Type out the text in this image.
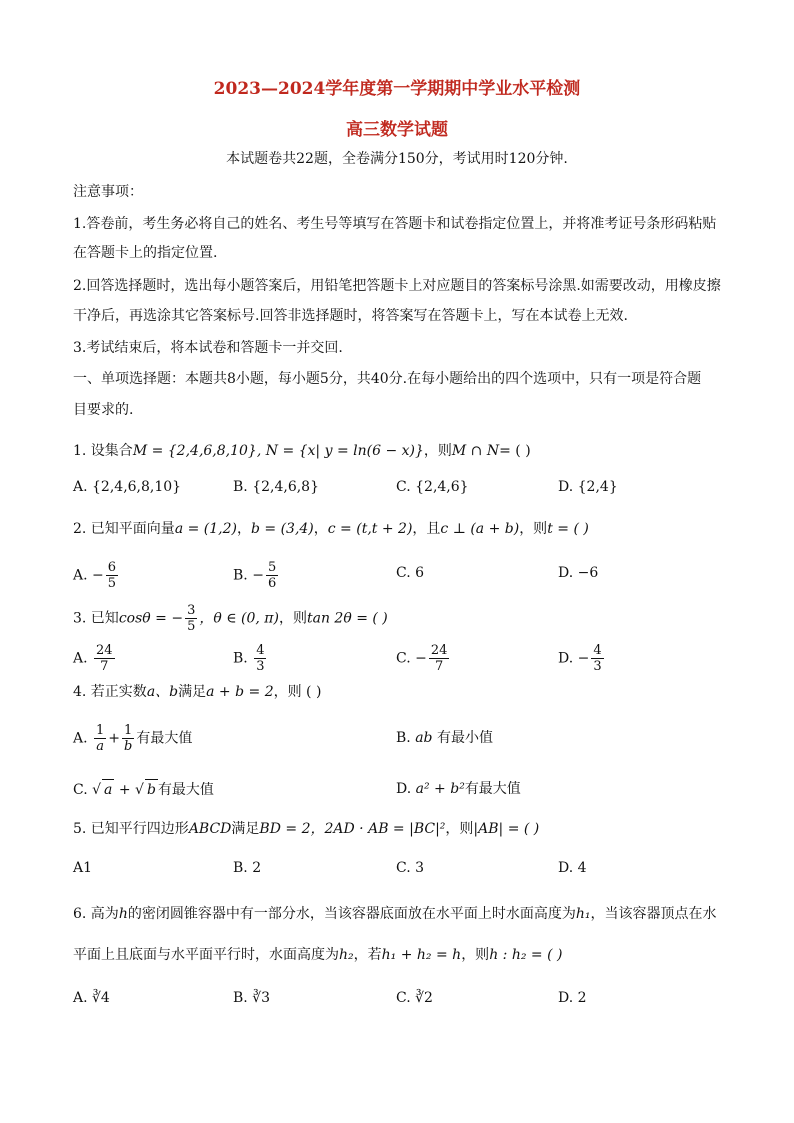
2023—2024学年度第一学期期中学业水平检测
高三数学试题
本试题卷共22题，全卷满分150分，考试用时120分钟.
注意事项：
1.答卷前，考生务必将自己的姓名、考生号等填写在答题卡和试卷指定位置上，并将准考证号条形码粘贴
在答题卡上的指定位置.
2.回答选择题时，选出每小题答案后，用铅笔把答题卡上对应题目的答案标号涂黑.如需要改动，用橡皮擦
干净后，再选涂其它答案标号.回答非选择题时，将答案写在答题卡上，写在本试卷上无效.
3.考试结束后，将本试卷和答题卡一并交回.
一、单项选择题：本题共8小题，每小题5分，共40分.在每小题给出的四个选项中，只有一项是符合题
目要求的.
1. 设集合M = {2,4,6,8,10}, N = {x| y = ln(6 − x)}，则M ∩ N= ( )
A. {2,4,6,8,10}	B. {2,4,6,8}	C. {2,4,6}	D. {2,4}
2. 已知平面向量a = (1,2)，b = (3,4)，c = (t,t + 2)，且c ⊥ (a + b)，则t = ( )
A. − $\frac{6}{5}$	B. − $\frac{5}{6}$	C. 6	D. −6
3. 已知cosθ = − $\frac{3}{5}$ ，θ ∈ (0, π)，则tan 2θ = ( )
A. $\frac{24}{7}$	B. $\frac{4}{3}$	C. − $\frac{24}{7}$	D. − $\frac{4}{3}$
4. 若正实数a、b满足a + b = 2，则 ( )
A. $\frac{1}{a} + \frac{1}{b}$ 有最大值	B. ab 有最小值
C. √ a + √ b 有最大值	D. a² + b²有最大值
5. 已知平行四边形ABCD满足BD = 2，2AD · AB = |BC|²，则|AB| = ( )
A1	B. 2	C. 3	D. 4
6. 高为h的密闭圆锥容器中有一部分水，当该容器底面放在水平面上时水面高度为h₁，当该容器顶点在水
平面上且底面与水平面平行时，水面高度为h₂，若h₁ + h₂ = h，则h : h₂ = ( )
A. ∛4	B. ∛3	C. ∛2	D. 2
